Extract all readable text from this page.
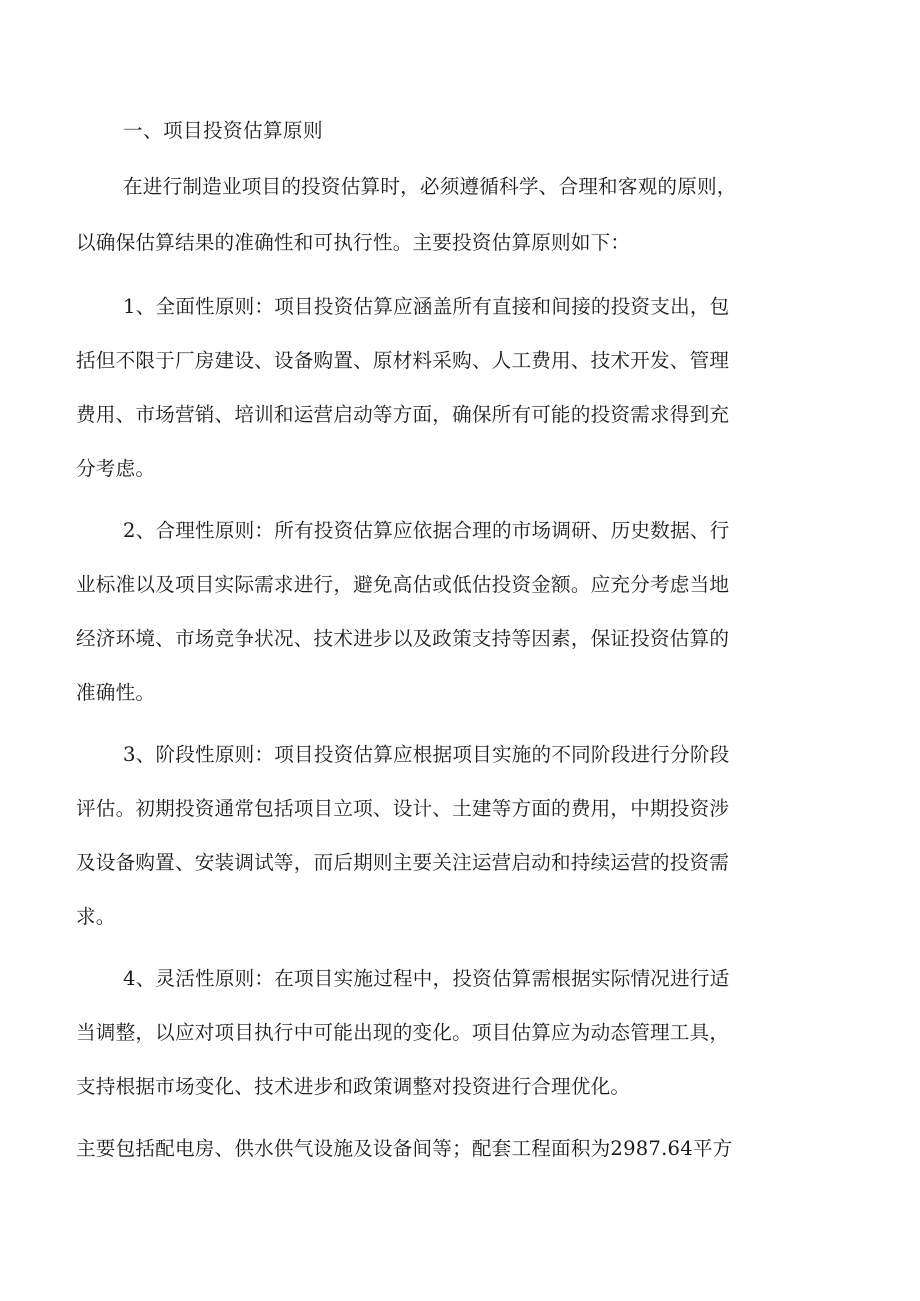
一、项目投资估算原则
在进行制造业项目的投资估算时，必须遵循科学、合理和客观的原则，
以确保估算结果的准确性和可执行性。主要投资估算原则如下：
1、全面性原则：项目投资估算应涵盖所有直接和间接的投资支出，包
括但不限于厂房建设、设备购置、原材料采购、人工费用、技术开发、管理
费用、市场营销、培训和运营启动等方面，确保所有可能的投资需求得到充
分考虑。
2、合理性原则：所有投资估算应依据合理的市场调研、历史数据、行
业标准以及项目实际需求进行，避免高估或低估投资金额。应充分考虑当地
经济环境、市场竞争状况、技术进步以及政策支持等因素，保证投资估算的
准确性。
3、阶段性原则：项目投资估算应根据项目实施的不同阶段进行分阶段
评估。初期投资通常包括项目立项、设计、土建等方面的费用，中期投资涉
及设备购置、安装调试等，而后期则主要关注运营启动和持续运营的投资需
求。
4、灵活性原则：在项目实施过程中，投资估算需根据实际情况进行适
当调整，以应对项目执行中可能出现的变化。项目估算应为动态管理工具，
支持根据市场变化、技术进步和政策调整对投资进行合理优化。
主要包括配电房、供水供气设施及设备间等；配套工程面积为2987.64平方
